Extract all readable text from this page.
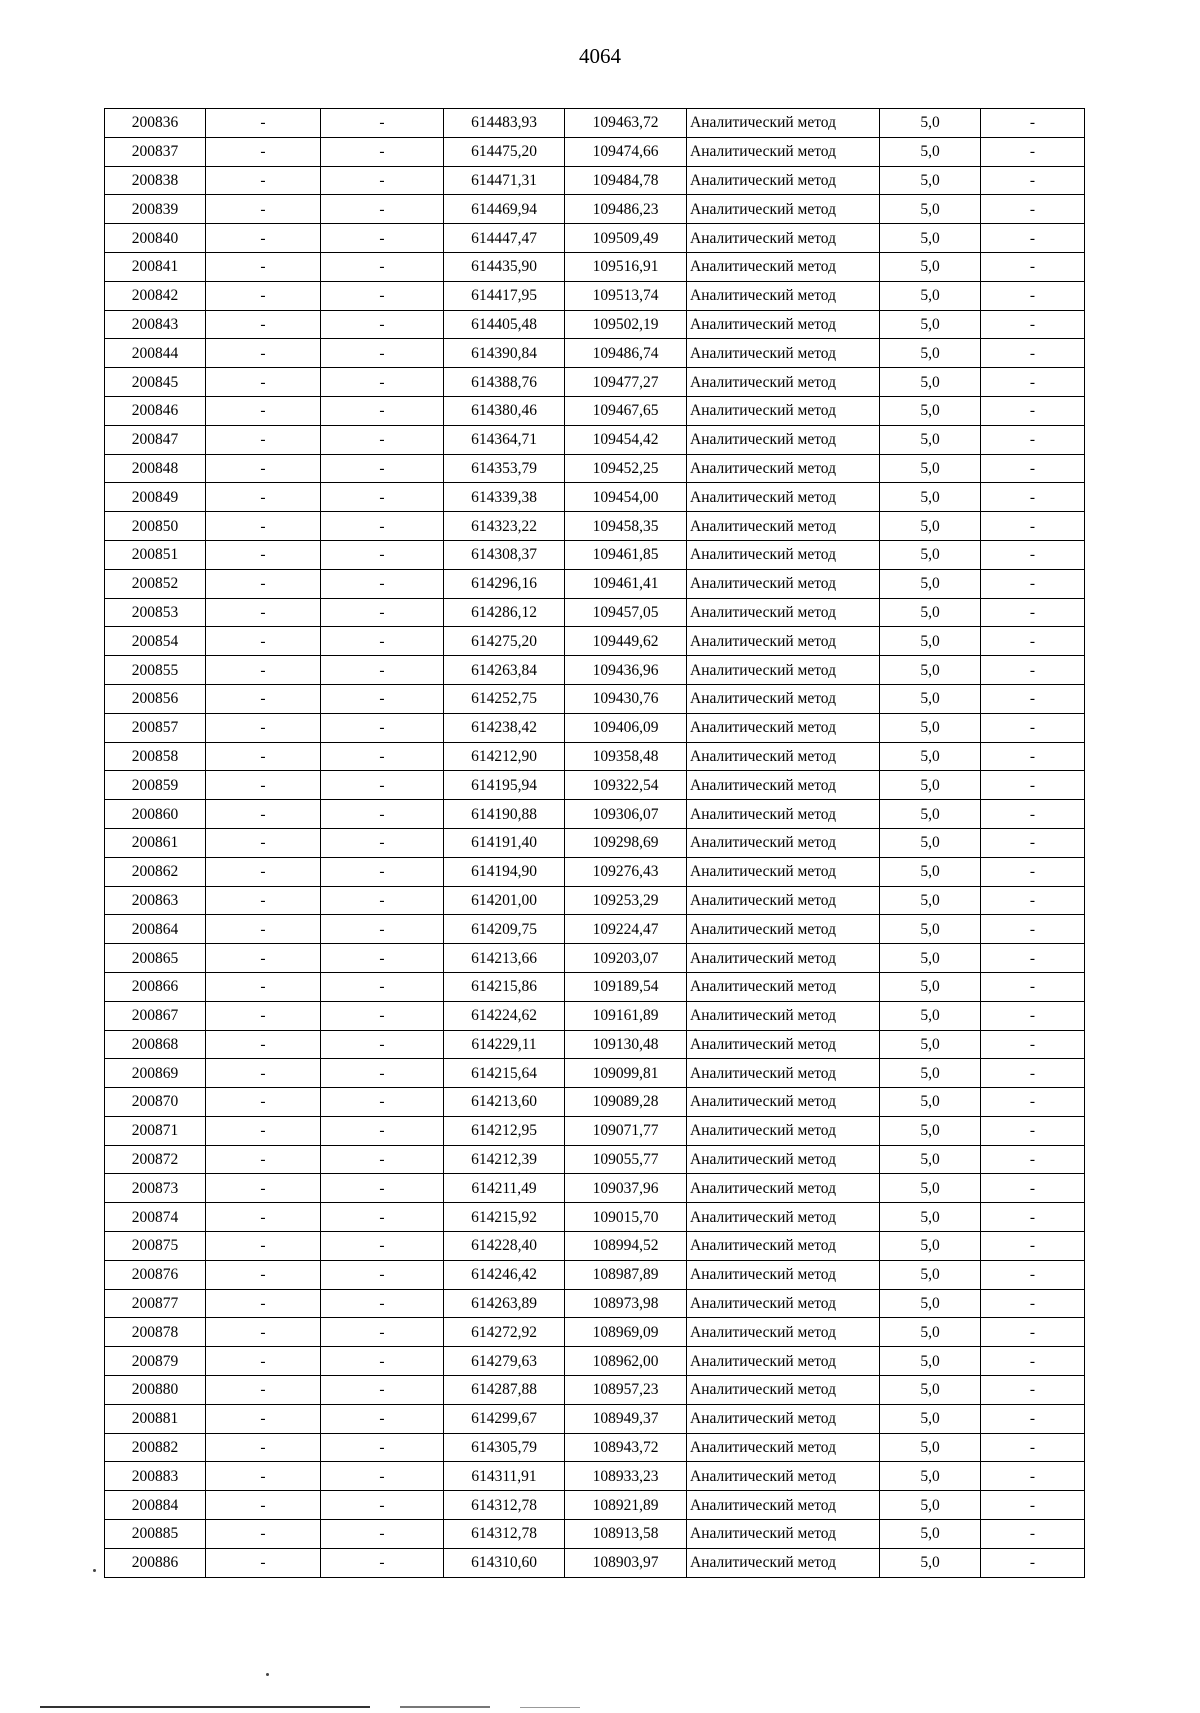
4064
200836	-	-	614483,93	109463,72	Аналитический метод	5,0	-
200837	-	-	614475,20	109474,66	Аналитический метод	5,0	-
200838	-	-	614471,31	109484,78	Аналитический метод	5,0	-
200839	-	-	614469,94	109486,23	Аналитический метод	5,0	-
200840	-	-	614447,47	109509,49	Аналитический метод	5,0	-
200841	-	-	614435,90	109516,91	Аналитический метод	5,0	-
200842	-	-	614417,95	109513,74	Аналитический метод	5,0	-
200843	-	-	614405,48	109502,19	Аналитический метод	5,0	-
200844	-	-	614390,84	109486,74	Аналитический метод	5,0	-
200845	-	-	614388,76	109477,27	Аналитический метод	5,0	-
200846	-	-	614380,46	109467,65	Аналитический метод	5,0	-
200847	-	-	614364,71	109454,42	Аналитический метод	5,0	-
200848	-	-	614353,79	109452,25	Аналитический метод	5,0	-
200849	-	-	614339,38	109454,00	Аналитический метод	5,0	-
200850	-	-	614323,22	109458,35	Аналитический метод	5,0	-
200851	-	-	614308,37	109461,85	Аналитический метод	5,0	-
200852	-	-	614296,16	109461,41	Аналитический метод	5,0	-
200853	-	-	614286,12	109457,05	Аналитический метод	5,0	-
200854	-	-	614275,20	109449,62	Аналитический метод	5,0	-
200855	-	-	614263,84	109436,96	Аналитический метод	5,0	-
200856	-	-	614252,75	109430,76	Аналитический метод	5,0	-
200857	-	-	614238,42	109406,09	Аналитический метод	5,0	-
200858	-	-	614212,90	109358,48	Аналитический метод	5,0	-
200859	-	-	614195,94	109322,54	Аналитический метод	5,0	-
200860	-	-	614190,88	109306,07	Аналитический метод	5,0	-
200861	-	-	614191,40	109298,69	Аналитический метод	5,0	-
200862	-	-	614194,90	109276,43	Аналитический метод	5,0	-
200863	-	-	614201,00	109253,29	Аналитический метод	5,0	-
200864	-	-	614209,75	109224,47	Аналитический метод	5,0	-
200865	-	-	614213,66	109203,07	Аналитический метод	5,0	-
200866	-	-	614215,86	109189,54	Аналитический метод	5,0	-
200867	-	-	614224,62	109161,89	Аналитический метод	5,0	-
200868	-	-	614229,11	109130,48	Аналитический метод	5,0	-
200869	-	-	614215,64	109099,81	Аналитический метод	5,0	-
200870	-	-	614213,60	109089,28	Аналитический метод	5,0	-
200871	-	-	614212,95	109071,77	Аналитический метод	5,0	-
200872	-	-	614212,39	109055,77	Аналитический метод	5,0	-
200873	-	-	614211,49	109037,96	Аналитический метод	5,0	-
200874	-	-	614215,92	109015,70	Аналитический метод	5,0	-
200875	-	-	614228,40	108994,52	Аналитический метод	5,0	-
200876	-	-	614246,42	108987,89	Аналитический метод	5,0	-
200877	-	-	614263,89	108973,98	Аналитический метод	5,0	-
200878	-	-	614272,92	108969,09	Аналитический метод	5,0	-
200879	-	-	614279,63	108962,00	Аналитический метод	5,0	-
200880	-	-	614287,88	108957,23	Аналитический метод	5,0	-
200881	-	-	614299,67	108949,37	Аналитический метод	5,0	-
200882	-	-	614305,79	108943,72	Аналитический метод	5,0	-
200883	-	-	614311,91	108933,23	Аналитический метод	5,0	-
200884	-	-	614312,78	108921,89	Аналитический метод	5,0	-
200885	-	-	614312,78	108913,58	Аналитический метод	5,0	-
200886	-	-	614310,60	108903,97	Аналитический метод	5,0	-
